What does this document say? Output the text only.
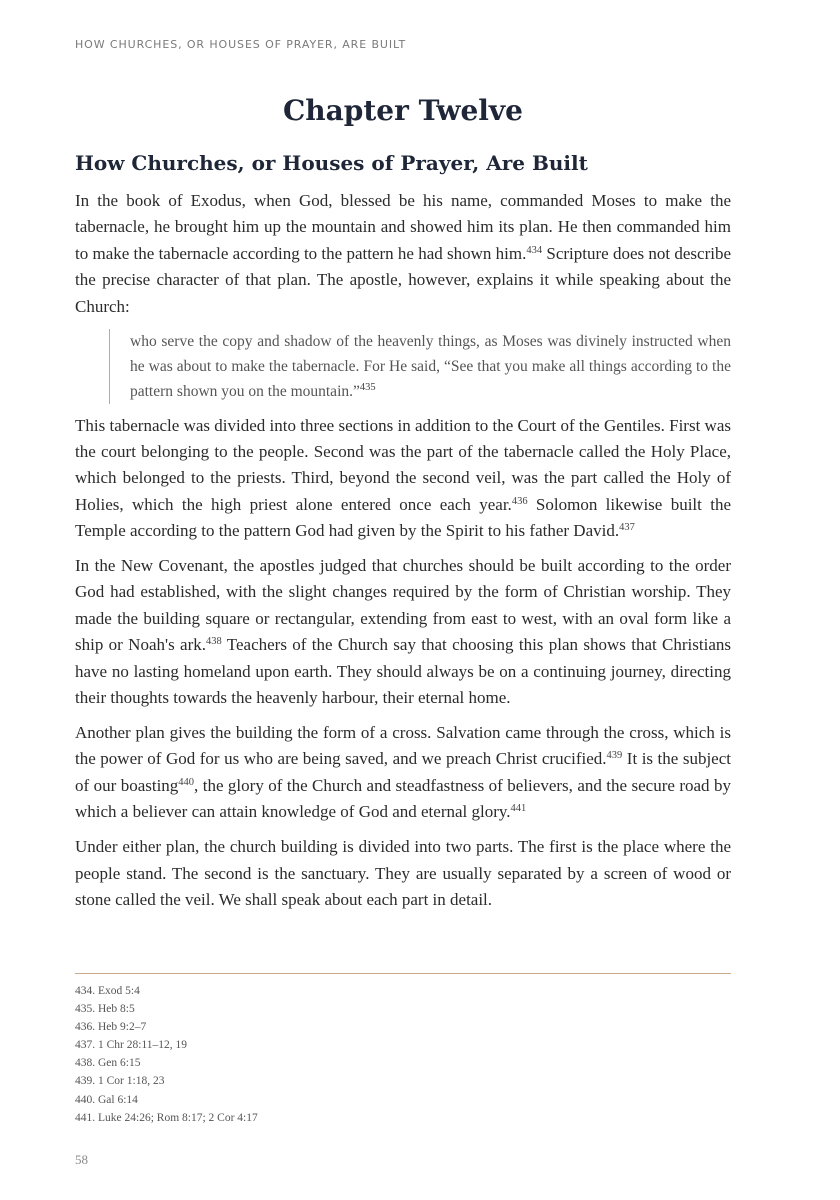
HOW CHURCHES, OR HOUSES OF PRAYER, ARE BUILT
Chapter Twelve
How Churches, or Houses of Prayer, Are Built

In the book of Exodus, when God, blessed be his name, commanded Moses to make the tabernacle, he brought him up the mountain and showed him its plan. He then commanded him to make the tabernacle according to the pattern he had shown him.$^{434}$ Scripture does not describe the precise character of that plan. The apostle, however, explains it while speaking about the Church:

who serve the copy and shadow of the heavenly things, as Moses was divinely instructed when he was about to make the tabernacle. For He said, “See that you make all things according to the pattern shown you on the mountain.”$^{435}$

This tabernacle was divided into three sections in addition to the Court of the Gentiles. First was the court belonging to the people. Second was the part of the tabernacle called the Holy Place, which belonged to the priests. Third, beyond the second veil, was the part called the Holy of Holies, which the high priest alone entered once each year.$^{436}$ Solomon likewise built the Temple according to the pattern God had given by the Spirit to his father David.$^{437}$

In the New Covenant, the apostles judged that churches should be built according to the order God had established, with the slight changes required by the form of Christian worship. They made the building square or rectangular, extending from east to west, with an oval form like a ship or Noah's ark.$^{438}$ Teachers of the Church say that choosing this plan shows that Christians have no lasting homeland upon earth. They should always be on a continuing journey, directing their thoughts towards the heavenly harbour, their eternal home.

Another plan gives the building the form of a cross. Salvation came through the cross, which is the power of God for us who are being saved, and we preach Christ crucified.$^{439}$ It is the subject of our boasting$^{440}$, the glory of the Church and steadfastness of believers, and the secure road by which a believer can attain knowledge of God and eternal glory.$^{441}$

Under either plan, the church building is divided into two parts. The first is the place where the people stand. The second is the sanctuary. They are usually separated by a screen of wood or stone called the veil. We shall speak about each part in detail.

434. Exod 5:4
435. Heb 8:5
436. Heb 9:2–7
437. 1 Chr 28:11–12, 19
438. Gen 6:15
439. 1 Cor 1:18, 23
440. Gal 6:14
441. Luke 24:26; Rom 8:17; 2 Cor 4:17
58
